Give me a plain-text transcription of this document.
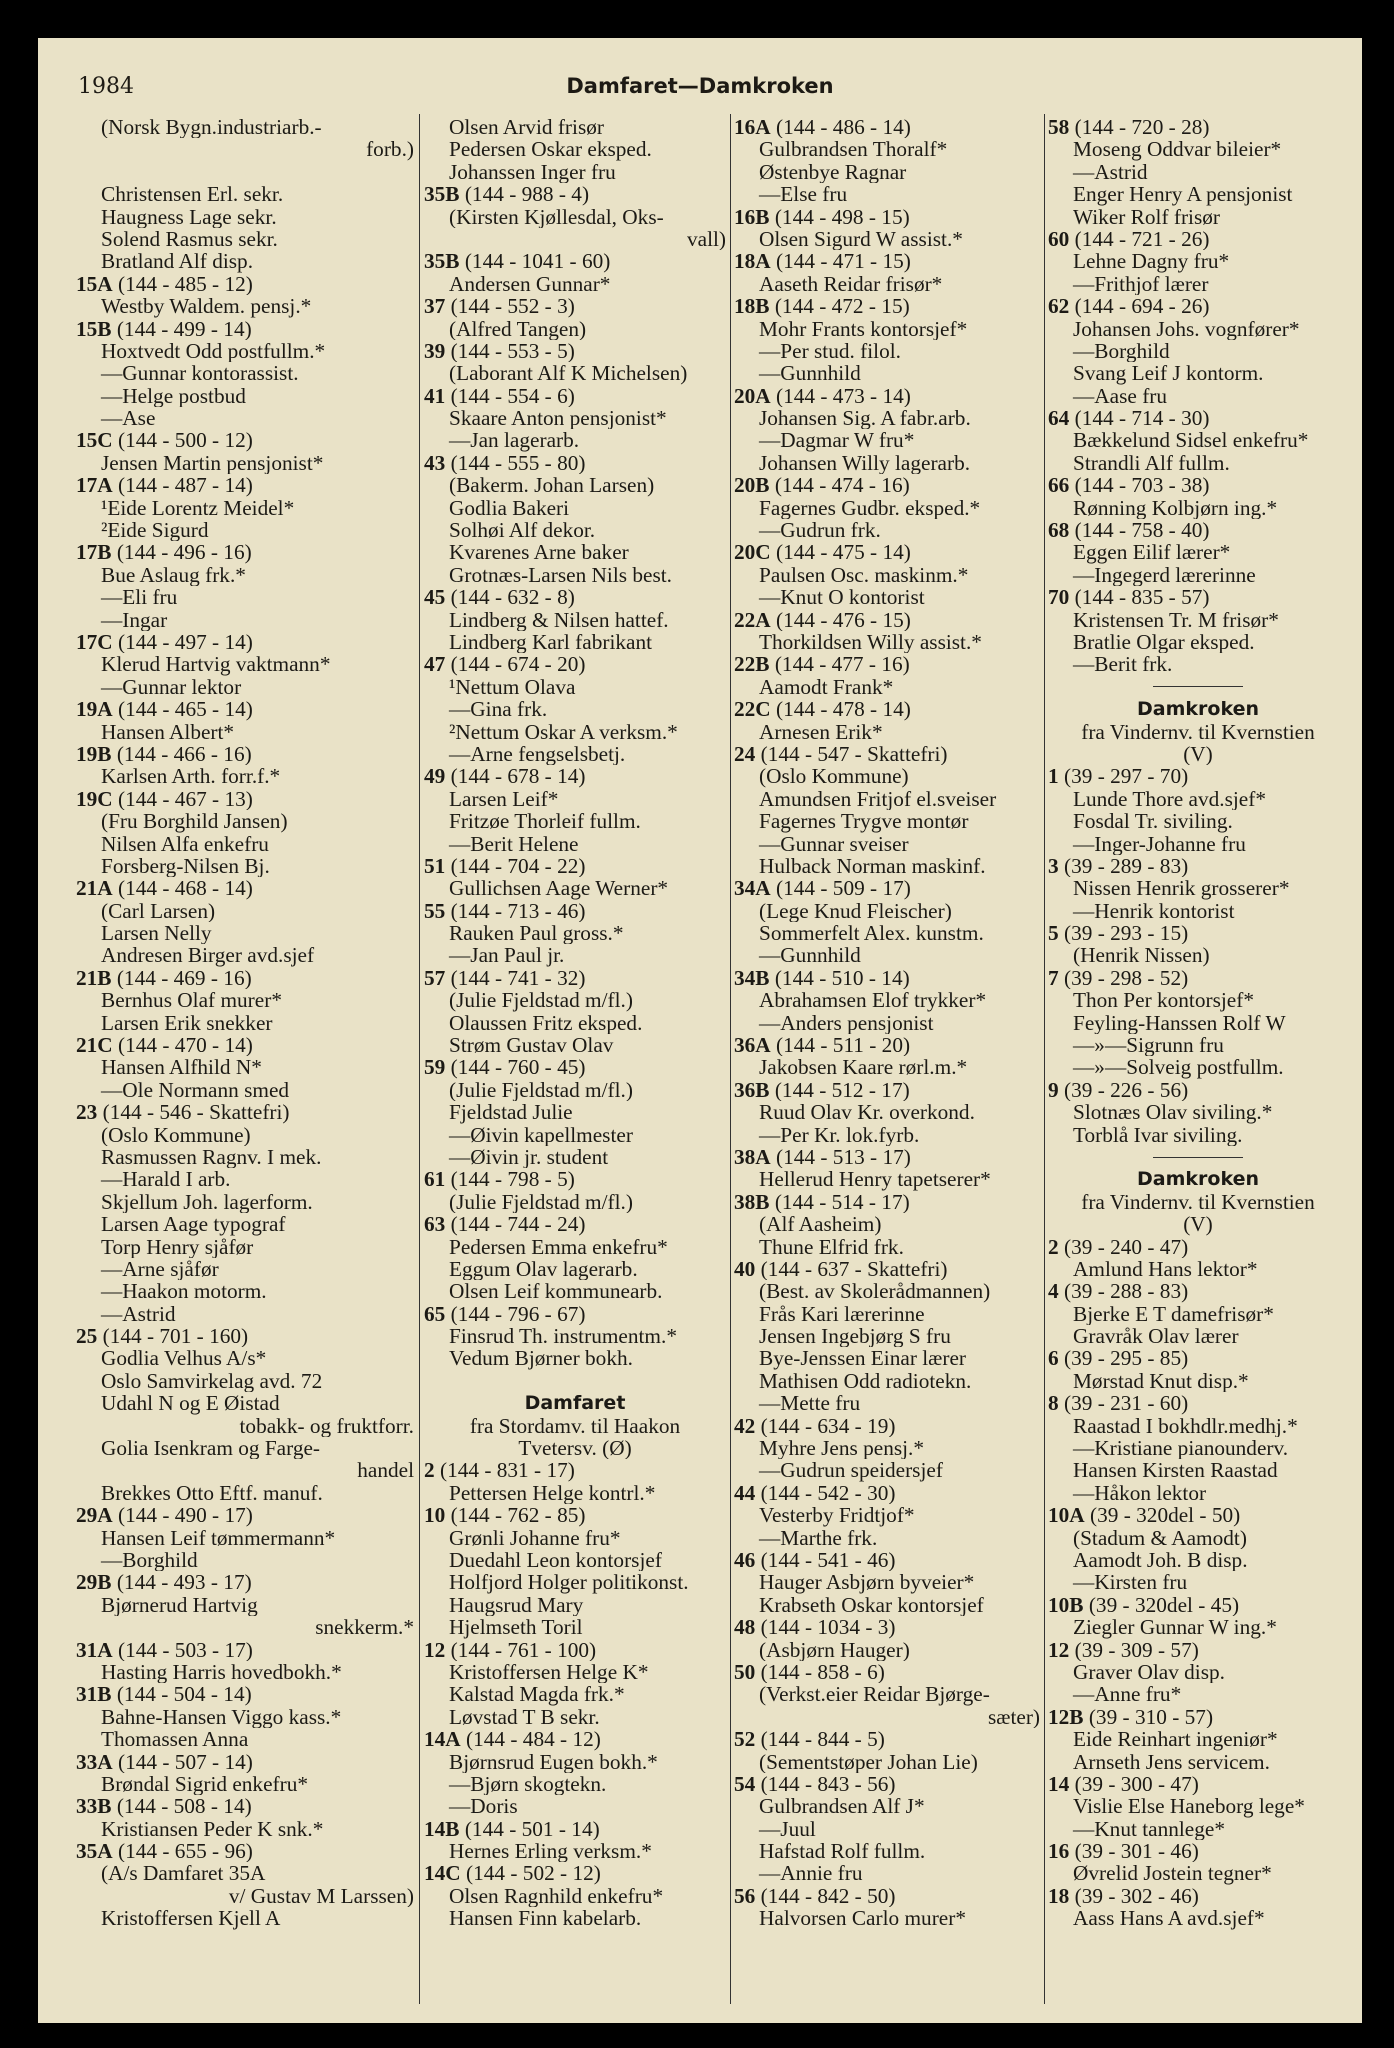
1984	Damfaret—Damkroken
(Norsk Bygn.industriarb.-
forb.)
Christensen Erl. sekr.
Haugness Lage sekr.
Solend Rasmus sekr.
Bratland Alf disp.
15A (144 - 485 - 12)
Westby Waldem. pensj.*
15B (144 - 499 - 14)
Hoxtvedt Odd postfullm.*
—Gunnar kontorassist.
—Helge postbud
—Ase
15C (144 - 500 - 12)
Jensen Martin pensjonist*
17A (144 - 487 - 14)
¹Eide Lorentz Meidel*
²Eide Sigurd
17B (144 - 496 - 16)
Bue Aslaug frk.*
—Eli fru
—Ingar
17C (144 - 497 - 14)
Klerud Hartvig vaktmann*
—Gunnar lektor
19A (144 - 465 - 14)
Hansen Albert*
19B (144 - 466 - 16)
Karlsen Arth. forr.f.*
19C (144 - 467 - 13)
(Fru Borghild Jansen)
Nilsen Alfa enkefru
Forsberg-Nilsen Bj.
21A (144 - 468 - 14)
(Carl Larsen)
Larsen Nelly
Andresen Birger avd.sjef
21B (144 - 469 - 16)
Bernhus Olaf murer*
Larsen Erik snekker
21C (144 - 470 - 14)
Hansen Alfhild N*
—Ole Normann smed
23 (144 - 546 - Skattefri)
(Oslo Kommune)
Rasmussen Ragnv. I mek.
—Harald I arb.
Skjellum Joh. lagerform.
Larsen Aage typograf
Torp Henry sjåfør
—Arne sjåfør
—Haakon motorm.
—Astrid
25 (144 - 701 - 160)
Godlia Velhus A/s*
Oslo Samvirkelag avd. 72
Udahl N og E Øistad
tobakk- og fruktforr.
Golia Isenkram og Farge-
handel
Brekkes Otto Eftf. manuf.
29A (144 - 490 - 17)
Hansen Leif tømmermann*
—Borghild
29B (144 - 493 - 17)
Bjørnerud Hartvig
snekkerm.*
31A (144 - 503 - 17)
Hasting Harris hovedbokh.*
31B (144 - 504 - 14)
Bahne-Hansen Viggo kass.*
Thomassen Anna
33A (144 - 507 - 14)
Brøndal Sigrid enkefru*
33B (144 - 508 - 14)
Kristiansen Peder K snk.*
35A (144 - 655 - 96)
(A/s Damfaret 35A
v/ Gustav M Larssen)
Kristoffersen Kjell A
Olsen Arvid frisør
Pedersen Oskar eksped.
Johanssen Inger fru
35B (144 - 988 - 4)
(Kirsten Kjøllesdal, Oks-
vall)
35B (144 - 1041 - 60)
Andersen Gunnar*
37 (144 - 552 - 3)
(Alfred Tangen)
39 (144 - 553 - 5)
(Laborant Alf K Michelsen)
41 (144 - 554 - 6)
Skaare Anton pensjonist*
—Jan lagerarb.
43 (144 - 555 - 80)
(Bakerm. Johan Larsen)
Godlia Bakeri
Solhøi Alf dekor.
Kvarenes Arne baker
Grotnæs-Larsen Nils best.
45 (144 - 632 - 8)
Lindberg & Nilsen hattef.
Lindberg Karl fabrikant
47 (144 - 674 - 20)
¹Nettum Olava
—Gina frk.
²Nettum Oskar A verksm.*
—Arne fengselsbetj.
49 (144 - 678 - 14)
Larsen Leif*
Fritzøe Thorleif fullm.
—Berit Helene
51 (144 - 704 - 22)
Gullichsen Aage Werner*
55 (144 - 713 - 46)
Rauken Paul gross.*
—Jan Paul jr.
57 (144 - 741 - 32)
(Julie Fjeldstad m/fl.)
Olaussen Fritz eksped.
Strøm Gustav Olav
59 (144 - 760 - 45)
(Julie Fjeldstad m/fl.)
Fjeldstad Julie
—Øivin kapellmester
—Øivin jr. student
61 (144 - 798 - 5)
(Julie Fjeldstad m/fl.)
63 (144 - 744 - 24)
Pedersen Emma enkefru*
Eggum Olav lagerarb.
Olsen Leif kommunearb.
65 (144 - 796 - 67)
Finsrud Th. instrumentm.*
Vedum Bjørner bokh.
Damfaret
fra Stordamv. til Haakon
Tvetersv. (Ø)
2 (144 - 831 - 17)
Pettersen Helge kontrl.*
10 (144 - 762 - 85)
Grønli Johanne fru*
Duedahl Leon kontorsjef
Holfjord Holger politikonst.
Haugsrud Mary
Hjelmseth Toril
12 (144 - 761 - 100)
Kristoffersen Helge K*
Kalstad Magda frk.*
Løvstad T B sekr.
14A (144 - 484 - 12)
Bjørnsrud Eugen bokh.*
—Bjørn skogtekn.
—Doris
14B (144 - 501 - 14)
Hernes Erling verksm.*
14C (144 - 502 - 12)
Olsen Ragnhild enkefru*
Hansen Finn kabelarb.
16A (144 - 486 - 14)
Gulbrandsen Thoralf*
Østenbye Ragnar
—Else fru
16B (144 - 498 - 15)
Olsen Sigurd W assist.*
18A (144 - 471 - 15)
Aaseth Reidar frisør*
18B (144 - 472 - 15)
Mohr Frants kontorsjef*
—Per stud. filol.
—Gunnhild
20A (144 - 473 - 14)
Johansen Sig. A fabr.arb.
—Dagmar W fru*
Johansen Willy lagerarb.
20B (144 - 474 - 16)
Fagernes Gudbr. eksped.*
—Gudrun frk.
20C (144 - 475 - 14)
Paulsen Osc. maskinm.*
—Knut O kontorist
22A (144 - 476 - 15)
Thorkildsen Willy assist.*
22B (144 - 477 - 16)
Aamodt Frank*
22C (144 - 478 - 14)
Arnesen Erik*
24 (144 - 547 - Skattefri)
(Oslo Kommune)
Amundsen Fritjof el.sveiser
Fagernes Trygve montør
—Gunnar sveiser
Hulback Norman maskinf.
34A (144 - 509 - 17)
(Lege Knud Fleischer)
Sommerfelt Alex. kunstm.
—Gunnhild
34B (144 - 510 - 14)
Abrahamsen Elof trykker*
—Anders pensjonist
36A (144 - 511 - 20)
Jakobsen Kaare rørl.m.*
36B (144 - 512 - 17)
Ruud Olav Kr. overkond.
—Per Kr. lok.fyrb.
38A (144 - 513 - 17)
Hellerud Henry tapetserer*
38B (144 - 514 - 17)
(Alf Aasheim)
Thune Elfrid frk.
40 (144 - 637 - Skattefri)
(Best. av Skolerådmannen)
Frås Kari lærerinne
Jensen Ingebjørg S fru
Bye-Jenssen Einar lærer
Mathisen Odd radiotekn.
—Mette fru
42 (144 - 634 - 19)
Myhre Jens pensj.*
—Gudrun speidersjef
44 (144 - 542 - 30)
Vesterby Fridtjof*
—Marthe frk.
46 (144 - 541 - 46)
Hauger Asbjørn byveier*
Krabseth Oskar kontorsjef
48 (144 - 1034 - 3)
(Asbjørn Hauger)
50 (144 - 858 - 6)
(Verkst.eier Reidar Bjørge-
sæter)
52 (144 - 844 - 5)
(Sementstøper Johan Lie)
54 (144 - 843 - 56)
Gulbrandsen Alf J*
—Juul
Hafstad Rolf fullm.
—Annie fru
56 (144 - 842 - 50)
Halvorsen Carlo murer*
58 (144 - 720 - 28)
Moseng Oddvar bileier*
—Astrid
Enger Henry A pensjonist
Wiker Rolf frisør
60 (144 - 721 - 26)
Lehne Dagny fru*
—Frithjof lærer
62 (144 - 694 - 26)
Johansen Johs. vognfører*
—Borghild
Svang Leif J kontorm.
—Aase fru
64 (144 - 714 - 30)
Bækkelund Sidsel enkefru*
Strandli Alf fullm.
66 (144 - 703 - 38)
Rønning Kolbjørn ing.*
68 (144 - 758 - 40)
Eggen Eilif lærer*
—Ingegerd lærerinne
70 (144 - 835 - 57)
Kristensen Tr. M frisør*
Bratlie Olgar eksped.
—Berit frk.
Damkroken
fra Vindernv. til Kvernstien
(V)
1 (39 - 297 - 70)
Lunde Thore avd.sjef*
Fosdal Tr. siviling.
—Inger-Johanne fru
3 (39 - 289 - 83)
Nissen Henrik grosserer*
—Henrik kontorist
5 (39 - 293 - 15)
(Henrik Nissen)
7 (39 - 298 - 52)
Thon Per kontorsjef*
Feyling-Hanssen Rolf W
—»—Sigrunn fru
—»—Solveig postfullm.
9 (39 - 226 - 56)
Slotnæs Olav siviling.*
Torblå Ivar siviling.
Damkroken
fra Vindernv. til Kvernstien
(V)
2 (39 - 240 - 47)
Amlund Hans lektor*
4 (39 - 288 - 83)
Bjerke E T damefrisør*
Gravråk Olav lærer
6 (39 - 295 - 85)
Mørstad Knut disp.*
8 (39 - 231 - 60)
Raastad I bokhdlr.medhj.*
—Kristiane pianounderv.
Hansen Kirsten Raastad
—Håkon lektor
10A (39 - 320del - 50)
(Stadum & Aamodt)
Aamodt Joh. B disp.
—Kirsten fru
10B (39 - 320del - 45)
Ziegler Gunnar W ing.*
12 (39 - 309 - 57)
Graver Olav disp.
—Anne fru*
12B (39 - 310 - 57)
Eide Reinhart ingeniør*
Arnseth Jens servicem.
14 (39 - 300 - 47)
Vislie Else Haneborg lege*
—Knut tannlege*
16 (39 - 301 - 46)
Øvrelid Jostein tegner*
18 (39 - 302 - 46)
Aass Hans A avd.sjef*
